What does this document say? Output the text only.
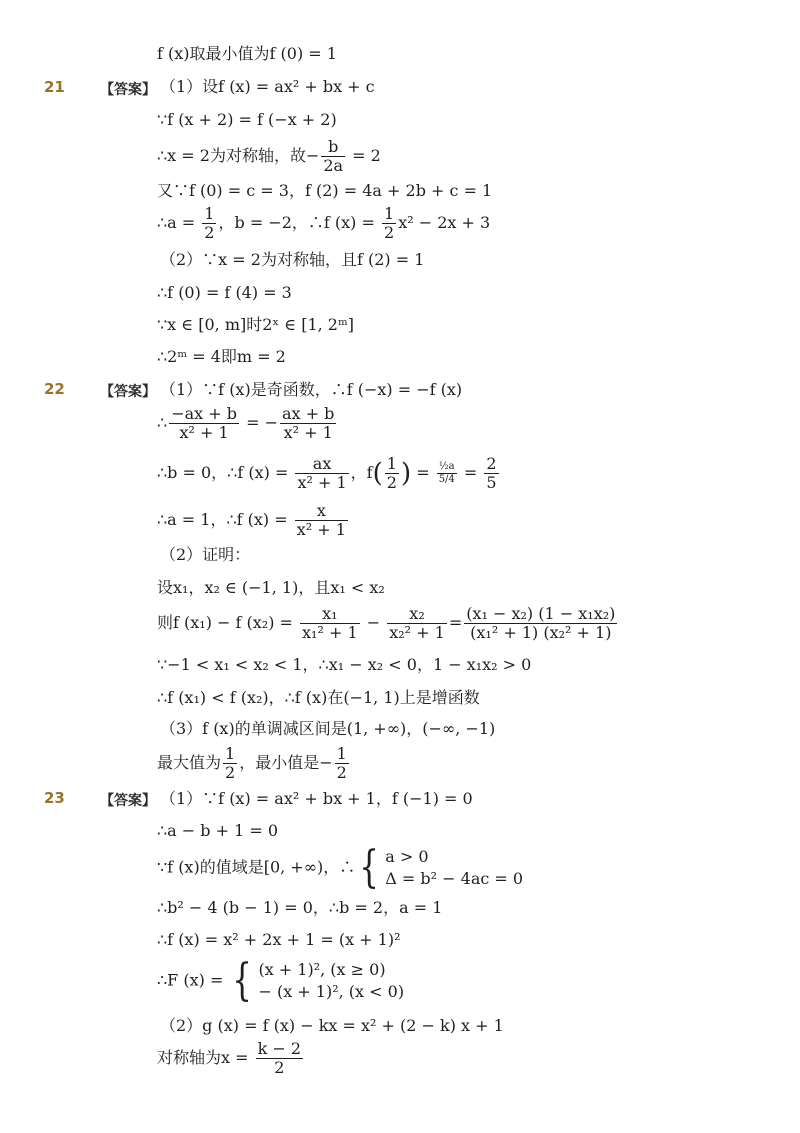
f (x)取最小值为f (0) = 1
21	【答案】 （1）设f (x) = ax² + bx + c
∵f (x + 2) = f (−x + 2)
∴x = 2为对称轴，故− $\frac{b}{2a} = 2$
又∵f (0) = c = 3，f (2) = 4a + 2b + c = 1
∴a = $\frac{1}{2}$ ，b = −2，∴f $(x) = \frac{1}{2} x^2 - 2x + 3$
（2）∵x = 2为对称轴，且f (2) = 1
∴f (0) = f (4) = 3
∵x ∈ [0, m]时2ˣ ∈ [1, 2ᵐ]
∴2ᵐ = 4即m = 2
22	【答案】 （1）∵f (x)是奇函数，∴f (−x) = −f (x)
∴ $\frac{-ax + b}{\text{x² + 1}}$ = − $\frac{ax + b}{\text{x² + 1}}$
∴b = 0，∴f $(x) = \frac{ax}{\text{x² + 1}}$ ，$f( \frac{1}{2}$ ) = $\frac{\text{½a}}{5/4} = \frac{2}{5}$
∴a = 1，∴f $(x) = \frac{x}{\text{x² + 1}}$
（2）证明：
设x₁，x₂ ∈ (−1, 1)，且x₁ < x₂
则f (x₁) − f $(x_2) = \frac{\text{x₁}}{\text{x₁² + 1}} - \frac{\text{x₂}}{\text{x₂² + 1}} = \frac{\text{(x₁ − x₂) (1 − x₁x₂)}}{\text{(x₁² + 1) (x₂² + 1)}}$
∵−1 < x₁ < x₂ < 1，∴x₁ − x₂ < 0，1 − x₁x₂ > 0
∴f (x₁) < f (x₂)，∴f (x)在(−1, 1)上是增函数
（3）f (x)的单调减区间是(1, +∞)，(−∞, −1)
最大值为 $\frac{1}{2}$ ，最小值是− $\frac{1}{2}$
23	【答案】 （1）∵f (x) = ax² + bx + 1，f (−1) = 0
∴a − b + 1 = 0
∵f (x)的值域是[0, +∞)，∴{ a > 0
Δ = b² − 4ac = 0
∴b² − 4 (b − 1) = 0，∴b = 2，a = 1
∴f (x) = x² + 2x + 1 = (x + 1)²
∴F (x) = { (x + 1)², (x ≥ 0)
− (x + 1)², (x < 0)
（2）g (x) = f (x) − kx = x² + (2 − k) x + 1
对称轴为$x = \frac{k - 2}{2}$
